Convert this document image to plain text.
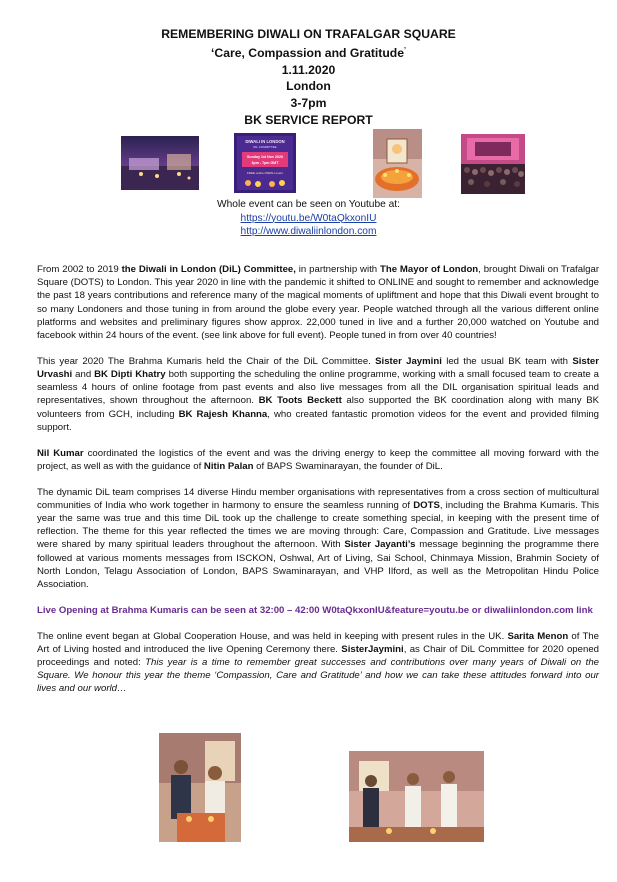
REMEMBERING DIWALI ON TRAFALGAR SQUARE
‘Care, Compassion and Gratitude’
1.11.2020
London
3-7pm
BK SERVICE REPORT
DIWALI IN LONDON
DIL COMMITTEE
Sunday 1st Nov 2020
3pm - 7pm GMT
FREE online DIWALI event
Whole event can be seen on Youtube at:
https://youtu.be/W0taQkxonIU
http://www.diwaliinlondon.com

From 2002 to 2019 the Diwali in London (DiL) Committee, in partnership with The Mayor of London, brought Diwali on Trafalgar Square (DOTS) to London. This year 2020 in line with the pandemic it shifted to ONLINE and sought to remember and acknowledge the past 18 years contributions and reference many of the magical moments of upliftment and hope that this Diwali event brought to so many Londoners and those tuning in from around the globe every year. People watched through all the various different online platforms and websites and preliminary figures show approx. 22,000 tuned in live and a further 20,000 watched on Youtube and facebook within 24 hours of the event. (see link above for full event). People tuned in from over 40 countries!

This year 2020 The Brahma Kumaris held the Chair of the DiL Committee. Sister Jaymini led the usual BK team with Sister Urvashi and BK Dipti Khatry both supporting the scheduling the online programme, working with a small focused team to create a seamless 4 hours of online footage from past events and also live messages from all the DIL organisation spiritual leads and representatives, shown throughout the afternoon. BK Toots Beckett also supported the BK coordination along with many BK volunteers from GCH, including BK Rajesh Khanna, who created fantastic promotion videos for the event and provided filming support.

Nil Kumar coordinated the logistics of the event and was the driving energy to keep the committee all moving forward with the project, as well as with the guidance of Nitin Palan of BAPS Swaminarayan, the founder of DiL.

The dynamic DiL team comprises 14 diverse Hindu member organisations with representatives from a cross section of multicultural communities of India who work together in harmony to ensure the seamless running of DOTS, including the Brahma Kumaris. This year the same was true and this time DiL took up the challenge to create something special, in keeping with the present time of reflection. The theme for this year reflected the times we are moving through: Care, Compassion and Gratitude. Live messages were shared by many spiritual leaders throughout the afternoon. With Sister Jayanti’s message beginning the programme there followed at various moments messages from ISCKON, Oshwal, Art of Living, Sai School, Chinmaya Mission, Brahmin Society of North London, Telagu Association of London, BAPS Swaminarayan, and VHP Ilford, as well as the Metropolitan Hindu Police Association.

Live Opening at Brahma Kumaris can be seen at 32:00 – 42:00 W0taQkxonIU&feature=youtu.be or diwaliinlondon.com link

The online event began at Global Cooperation House, and was held in keeping with present rules in the UK. Sarita Menon of The Art of Living hosted and introduced the live Opening Ceremony there. SisterJaymini, as Chair of DiL Committee for 2020 opened proceedings and noted: This year is a time to remember great successes and contributions over many years of Diwali on the Square. We honour this year the theme ‘Compassion, Care and Gratitude’ and how we can take these attitudes forward into our lives and our world…
